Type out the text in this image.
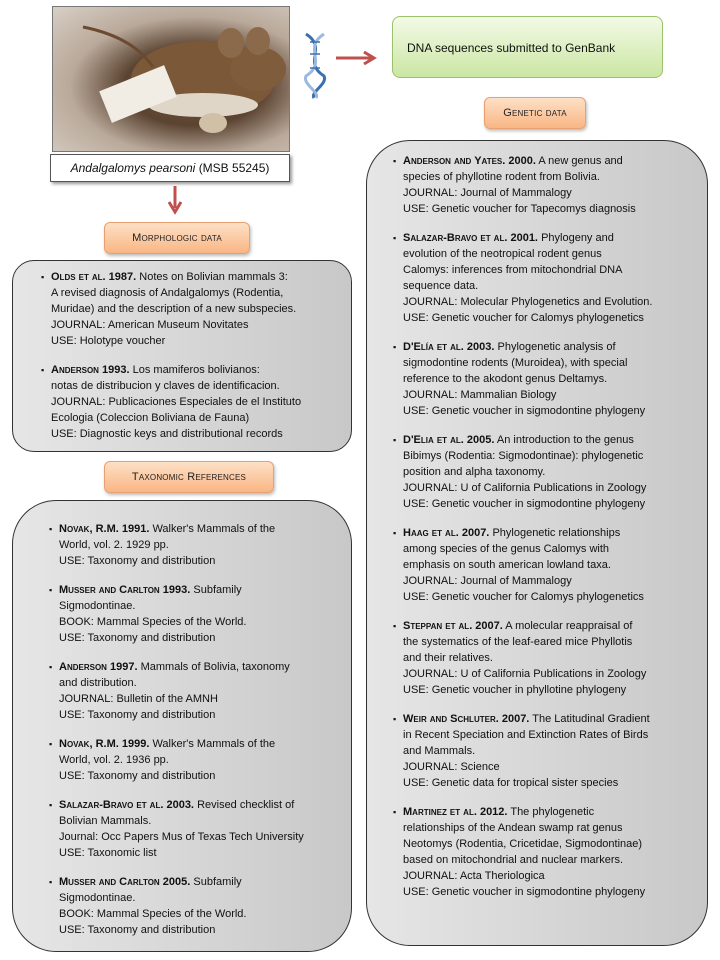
Andalgalomys pearsoni (MSB 55245)
DNA sequences submitted to GenBank
Genetic data
Morphologic data
Taxonomic References
▪ Olds et al. 1987. Notes on Bolivian mammals 3:
A revised diagnosis of Andalgalomys (Rodentia,
Muridae) and the description of a new subspecies.
JOURNAL: American Museum Novitates
USE: Holotype voucher
▪ Anderson 1993. Los mamiferos bolivianos:
notas de distribucion y claves de identificacion.
JOURNAL: Publicaciones Especiales de el Instituto
Ecologia (Coleccion Boliviana de Fauna)
USE: Diagnostic keys and distributional records
▪ Novak, R.M. 1991. Walker's Mammals of the
World, vol. 2. 1929 pp.
USE: Taxonomy and distribution
▪ Musser and Carlton 1993. Subfamily
Sigmodontinae.
BOOK: Mammal Species of the World.
USE: Taxonomy and distribution
▪ Anderson 1997. Mammals of Bolivia, taxonomy
and distribution.
JOURNAL: Bulletin of the AMNH
USE: Taxonomy and distribution
▪ Novak, R.M. 1999. Walker's Mammals of the
World, vol. 2. 1936 pp.
USE: Taxonomy and distribution
▪ Salazar-Bravo et al. 2003. Revised checklist of
Bolivian Mammals.
Journal: Occ Papers Mus of Texas Tech University
USE: Taxonomic list
▪ Musser and Carlton 2005. Subfamily
Sigmodontinae.
BOOK: Mammal Species of the World.
USE: Taxonomy and distribution
▪ Anderson and Yates. 2000. A new genus and
species of phyllotine rodent from Bolivia.
JOURNAL: Journal of Mammalogy
USE: Genetic voucher for Tapecomys diagnosis
▪ Salazar-Bravo et al. 2001. Phylogeny and
evolution of the neotropical rodent genus
Calomys: inferences from mitochondrial DNA
sequence data.
JOURNAL: Molecular Phylogenetics and Evolution.
USE: Genetic voucher for Calomys phylogenetics
▪ D'Elía et al. 2003. Phylogenetic analysis of
sigmodontine rodents (Muroidea), with special
reference to the akodont genus Deltamys.
JOURNAL: Mammalian Biology
USE: Genetic voucher in sigmodontine phylogeny
▪ D'Elia et al. 2005. An introduction to the genus
Bibimys (Rodentia: Sigmodontinae): phylogenetic
position and alpha taxonomy.
JOURNAL: U of California Publications in Zoology
USE: Genetic voucher in sigmodontine phylogeny
▪ Haag et al. 2007. Phylogenetic relationships
among species of the genus Calomys with
emphasis on south american lowland taxa.
JOURNAL: Journal of Mammalogy
USE: Genetic voucher for Calomys phylogenetics
▪ Steppan et al. 2007. A molecular reappraisal of
the systematics of the leaf-eared mice Phyllotis
and their relatives.
JOURNAL: U of California Publications in Zoology
USE: Genetic voucher in phyllotine phylogeny
▪ Weir and Schluter. 2007. The Latitudinal Gradient
in Recent Speciation and Extinction Rates of Birds
and Mammals.
JOURNAL: Science
USE: Genetic data for tropical sister species
▪ Martinez et al. 2012. The phylogenetic
relationships of the Andean swamp rat genus
Neotomys (Rodentia, Cricetidae, Sigmodontinae)
based on mitochondrial and nuclear markers.
JOURNAL: Acta Theriologica
USE: Genetic voucher in sigmodontine phylogeny
